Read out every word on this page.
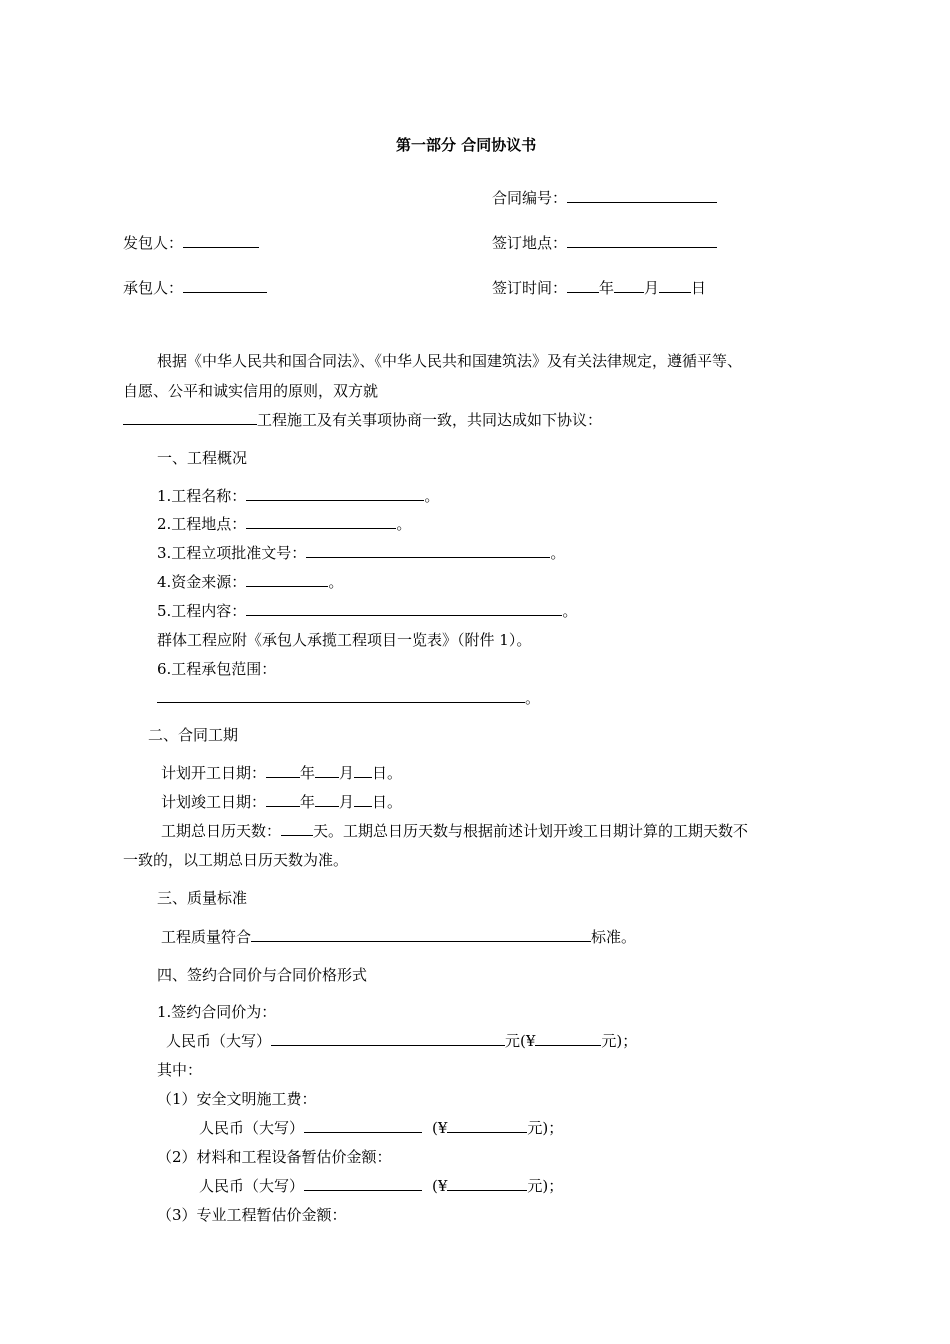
第一部分 合同协议书
合同编号：
发包人：	签订地点：
承包人：	签订时间： 年 月 日
根据《中华人民共和国合同法》、《中华人民共和国建筑法》及有关法律规定，遵循平等、
自愿、公平和诚实信用的原则，双方就
工程施工及有关事项协商一致，共同达成如下协议：
一、工程概况
1.工程名称：	。
2.工程地点：	。
3.工程立项批准文号：	。
4.资金来源：	。
5.工程内容：	。
群体工程应附《承包人承揽工程项目一览表》（附件 1）。
6.工程承包范围：
。
二、合同工期
计划开工日期： 年 月 日。
计划竣工日期： 年 月 日。
工期总日历天数： 天。工期总日历天数与根据前述计划开竣工日期计算的工期天数不
一致的，以工期总日历天数为准。
三、质量标准
工程质量符合	标准。
四、签约合同价与合同价格形式
1.签约合同价为：
人民币（大写）	元(¥	元)；
其中：
（1）安全文明施工费：
人民币（大写）	(¥	元)；
（2）材料和工程设备暂估价金额：
人民币（大写）	(¥	元)；
（3）专业工程暂估价金额：
